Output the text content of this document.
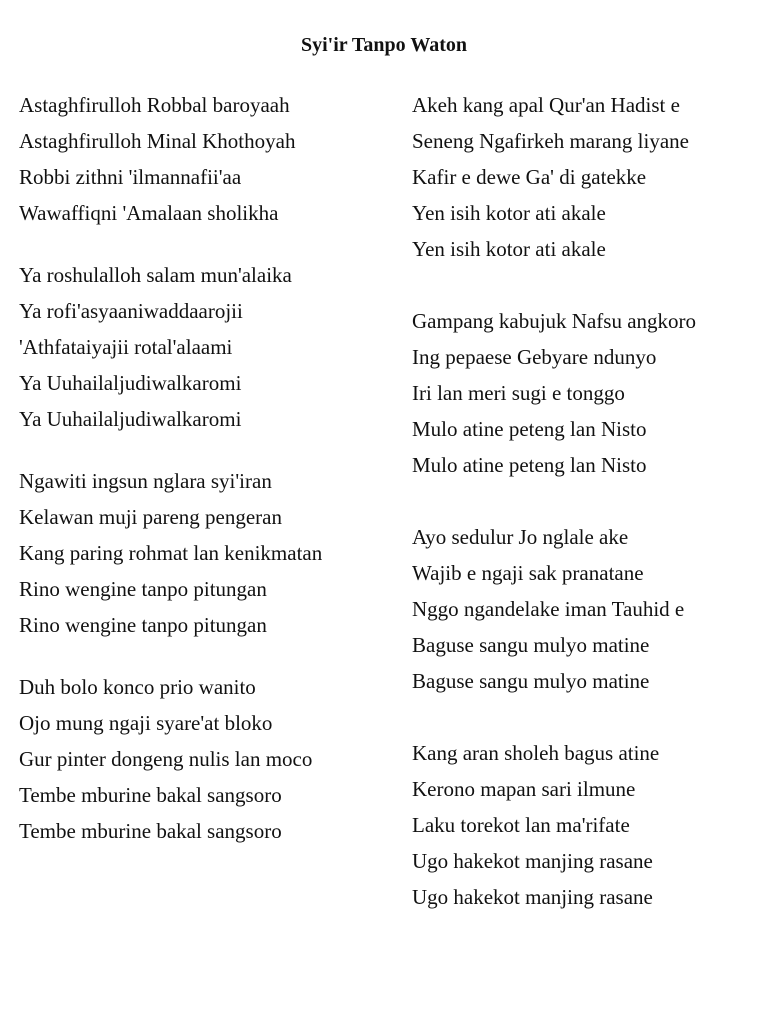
Syi'ir Tanpo Waton
Astaghfirulloh Robbal baroyaah
Astaghfirulloh Minal Khothoyah
Robbi zithni 'ilmannafii'aa
Wawaffiqni 'Amalaan sholikha
Ya roshulalloh salam mun'alaika
Ya rofi'asyaaniwaddaarojii
'Athfataiyajii rotal'alaami
Ya Uuhailaljudiwalkaromi
Ya Uuhailaljudiwalkaromi
Ngawiti ingsun nglara syi'iran
Kelawan muji pareng pengeran
Kang paring rohmat lan kenikmatan
Rino wengine tanpo pitungan
Rino wengine tanpo pitungan
Duh bolo konco prio wanito
Ojo mung ngaji syare'at bloko
Gur pinter dongeng nulis lan moco
Tembe mburine bakal sangsoro
Tembe mburine bakal sangsoro
Akeh kang apal Qur'an Hadist e
Seneng Ngafirkeh marang liyane
Kafir e dewe Ga' di gatekke
Yen isih kotor ati akale
Yen isih kotor ati akale
Gampang kabujuk Nafsu angkoro
Ing pepaese Gebyare ndunyo
Iri lan meri sugi e tonggo
Mulo atine peteng lan Nisto
Mulo atine peteng lan Nisto
Ayo sedulur Jo nglale ake
Wajib e ngaji sak pranatane
Nggo ngandelake iman Tauhid e
Baguse sangu mulyo matine
Baguse sangu mulyo matine
Kang aran sholeh bagus atine
Kerono mapan sari ilmune
Laku torekot lan ma'rifate
Ugo hakekot manjing rasane
Ugo hakekot manjing rasane
